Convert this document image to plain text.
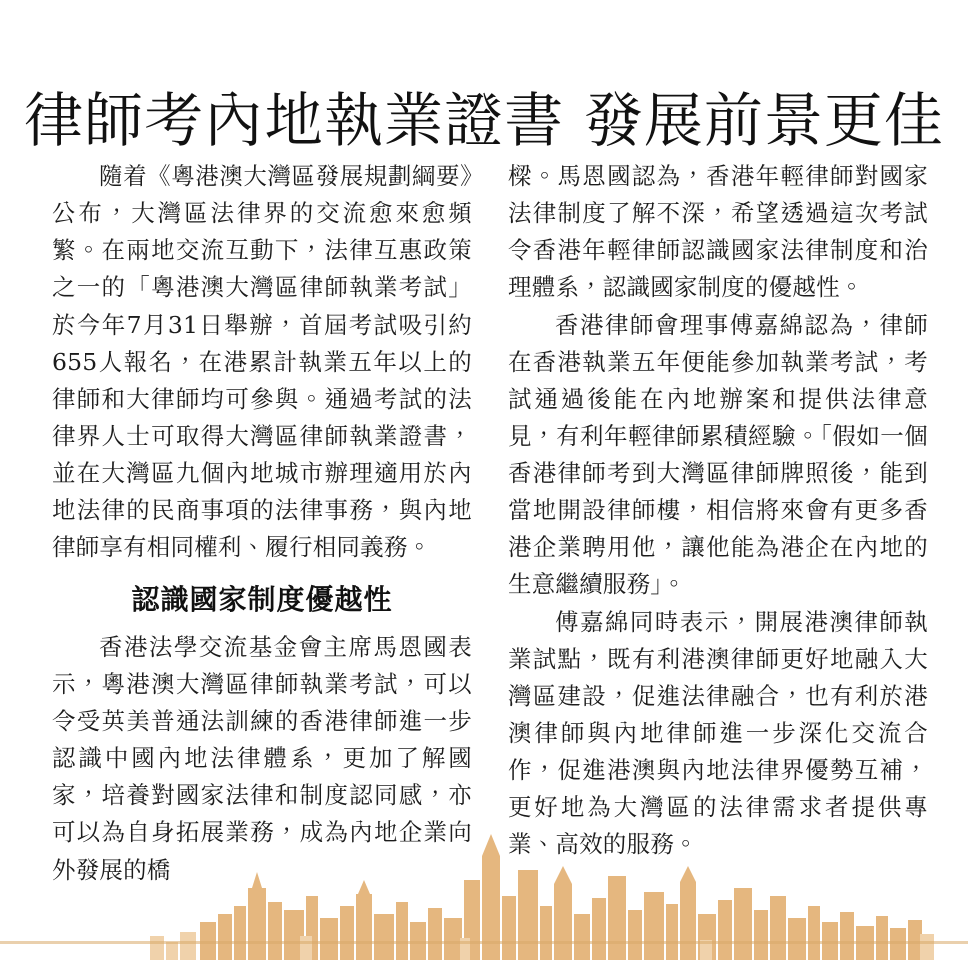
律師考內地執業證書 發展前景更佳

隨着《粵港澳大灣區發展規劃綱要》公布，大灣區法律界的交流愈來愈頻繁。在兩地交流互動下，法律互惠政策之一的「粵港澳大灣區律師執業考試」於今年7月31日舉辦，首屆考試吸引約655人報名，在港累計執業五年以上的律師和大律師均可參與。通過考試的法律界人士可取得大灣區律師執業證書，並在大灣區九個內地城市辦理適用於內地法律的民商事項的法律事務，與內地律師享有相同權利、履行相同義務。

認識國家制度優越性

香港法學交流基金會主席馬恩國表示，粵港澳大灣區律師執業考試，可以令受英美普通法訓練的香港律師進一步認識中國內地法律體系，更加了解國家，培養對國家法律和制度認同感，亦可以為自身拓展業務，成為內地企業向外發展的橋

樑。馬恩國認為，香港年輕律師對國家法律制度了解不深，希望透過這次考試令香港年輕律師認識國家法律制度和治理體系，認識國家制度的優越性。

香港律師會理事傅嘉綿認為，律師在香港執業五年便能參加執業考試，考試通過後能在內地辦案和提供法律意見，有利年輕律師累積經驗。「假如一個香港律師考到大灣區律師牌照後，能到當地開設律師樓，相信將來會有更多香港企業聘用他，讓他能為港企在內地的生意繼續服務」。

傅嘉綿同時表示，開展港澳律師執業試點，既有利港澳律師更好地融入大灣區建設，促進法律融合，也有利於港澳律師與內地律師進一步深化交流合作，促進港澳與內地法律界優勢互補，更好地為大灣區的法律需求者提供專業、高效的服務。
